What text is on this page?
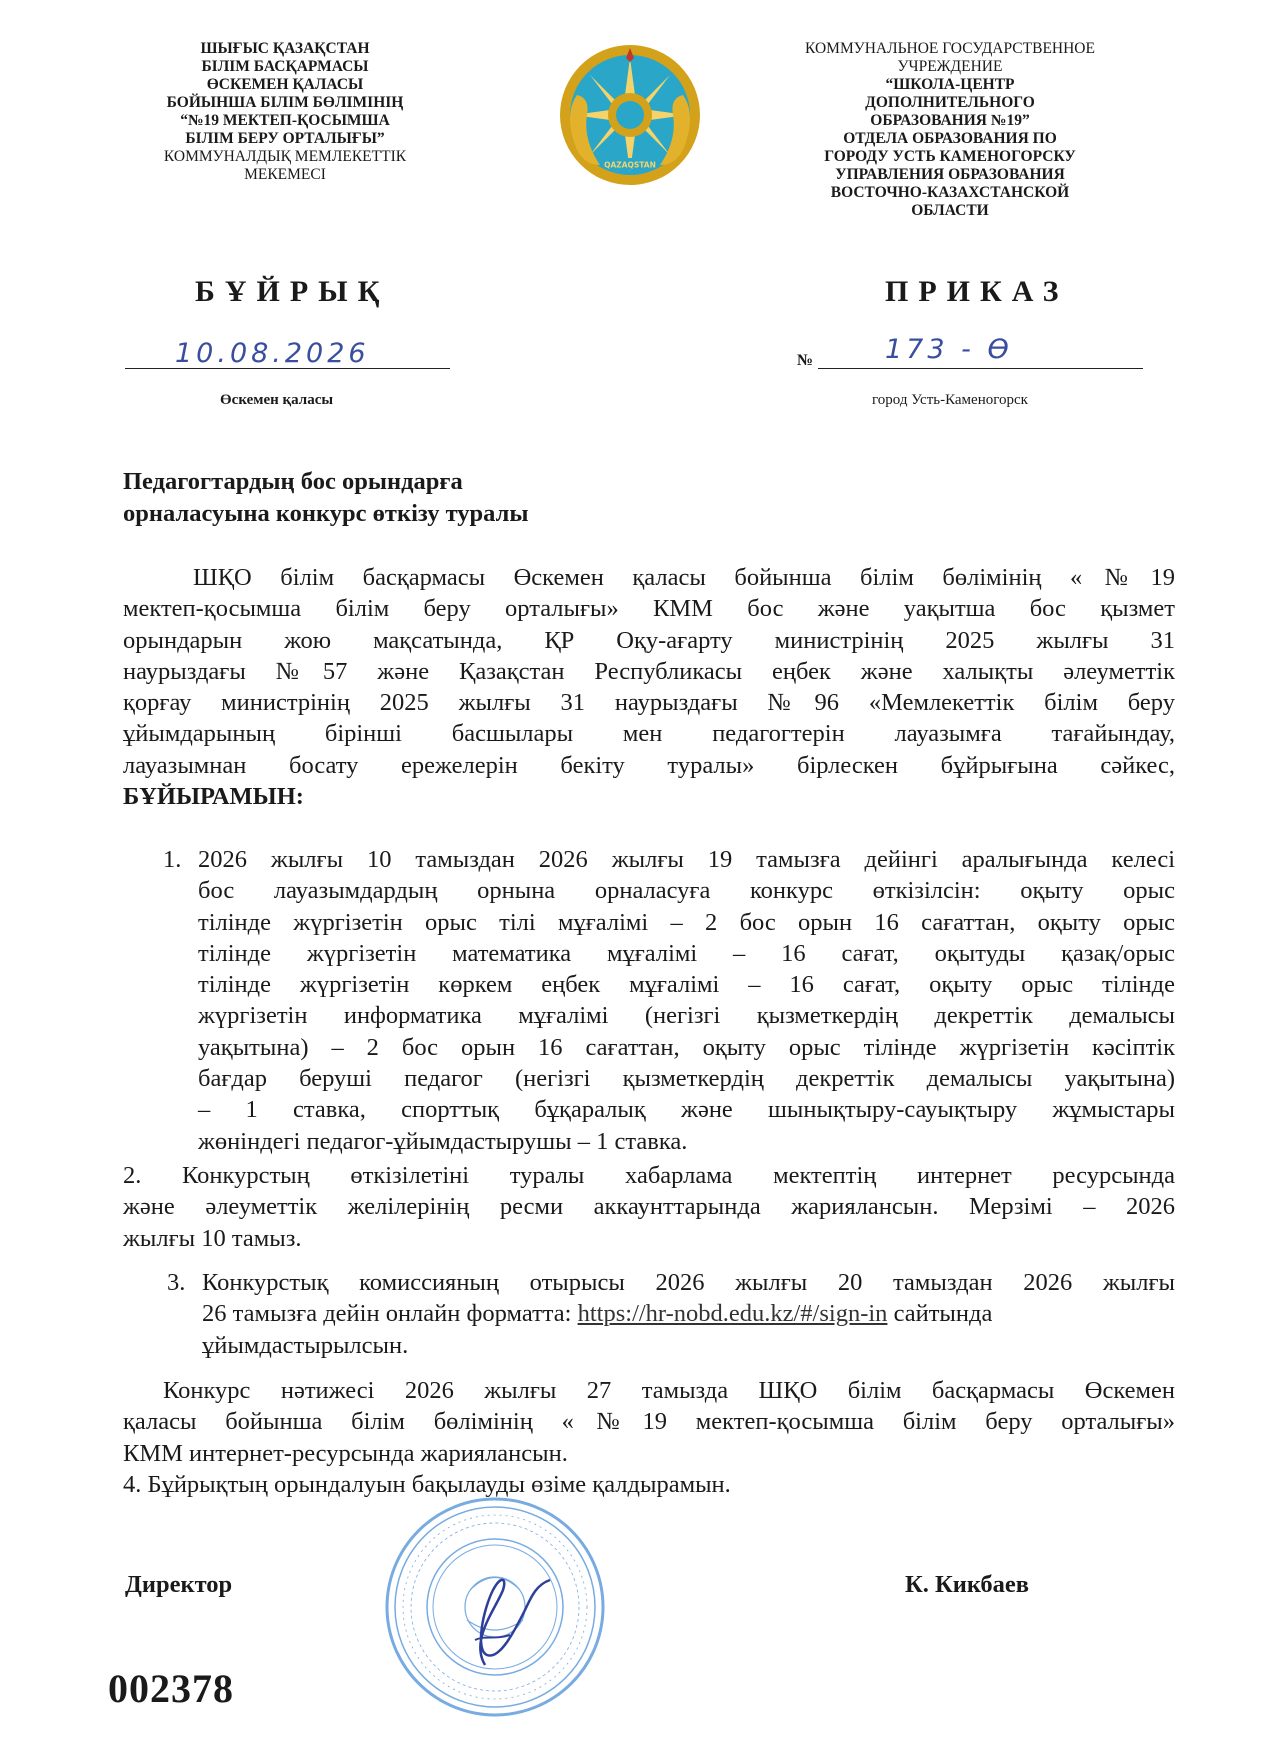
ШЫҒЫС ҚАЗАҚСТАН
БІЛІМ БАСҚАРМАСЫ
ӨСКЕМЕН ҚАЛАСЫ
БОЙЫНША БІЛІМ БӨЛІМІНІҢ
“№19 МЕКТЕП-ҚОСЫМША
БІЛІМ БЕРУ ОРТАЛЫҒЫ”
КОММУНАЛДЫҚ МЕМЛЕКЕТТІК
МЕКЕМЕСІ
QAZAQSTAN
КОММУНАЛЬНОЕ ГОСУДАРСТВЕННОЕ
УЧРЕЖДЕНИЕ
“ШКОЛА-ЦЕНТР
ДОПОЛНИТЕЛЬНОГО
ОБРАЗОВАНИЯ №19”
ОТДЕЛА ОБРАЗОВАНИЯ ПО
ГОРОДУ УСТЬ КАМЕНОГОРСКУ
УПРАВЛЕНИЯ ОБРАЗОВАНИЯ
ВОСТОЧНО-КАЗАХСТАНСКОЙ
ОБЛАСТИ
БҰЙРЫҚ	ПРИКАЗ
10.08.2026	№	173 - Ө
Өскемен қаласы	город Усть-Каменогорск
Педагогтардың бос орындарға
орналасуына конкурс өткізу туралы
ШҚО білім басқармасы Өскемен қаласы бойынша білім бөлімінің «№19
мектеп-қосымша білім беру орталығы» КММ бос және уақытша бос қызмет
орындарын жою мақсатында, ҚР Оқу-ағарту министрінің 2025 жылғы 31
наурыздағы №57 және Қазақстан Республикасы еңбек және халықты әлеуметтік
қорғау министрінің 2025 жылғы 31 наурыздағы №96 «Мемлекеттік білім беру
ұйымдарының бірінші басшылары мен педагогтерін лауазымға тағайындау,
лауазымнан босату ережелерін бекіту туралы» бірлескен бұйрығына сәйкес,
БҰЙЫРАМЫН:
1. 2026 жылғы 10 тамыздан 2026 жылғы 19 тамызға дейінгі аралығында келесі
бос лауазымдардың орнына орналасуға конкурс өткізілсін: оқыту орыс
тілінде жүргізетін орыс тілі мұғалімі – 2 бос орын 16 сағаттан, оқыту орыс
тілінде жүргізетін математика мұғалімі – 16 сағат, оқытуды қазақ/орыс
тілінде жүргізетін көркем еңбек мұғалімі – 16 сағат, оқыту орыс тілінде
жүргізетін информатика мұғалімі (негізгі қызметкердің декреттік демалысы
уақытына) – 2 бос орын 16 сағаттан, оқыту орыс тілінде жүргізетін кәсіптік
бағдар беруші педагог (негізгі қызметкердің декреттік демалысы уақытына)
– 1 ставка, спорттық бұқаралық және шынықтыру-сауықтыру жұмыстары
жөніндегі педагог-ұйымдастырушы – 1 ставка.
2. Конкурстың өткізілетіні туралы хабарлама мектептің интернет ресурсында
және әлеуметтік желілерінің ресми аккаунттарында жариялансын. Мерзімі – 2026
жылғы 10 тамыз.
3. Конкурстық комиссияның отырысы 2026 жылғы 20 тамыздан 2026 жылғы
26 тамызға дейін онлайн форматта: https://hr-nobd.edu.kz/#/sign-in сайтында
ұйымдастырылсын.
Конкурс нәтижесі 2026 жылғы 27 тамызда ШҚО білім басқармасы Өскемен
қаласы бойынша білім бөлімінің «№19 мектеп-қосымша білім беру орталығы»
КММ интернет-ресурсында жариялансын.
4. Бұйрықтың орындалуын бақылауды өзіме қалдырамын.
Директор	К. Кикбаев
002378
